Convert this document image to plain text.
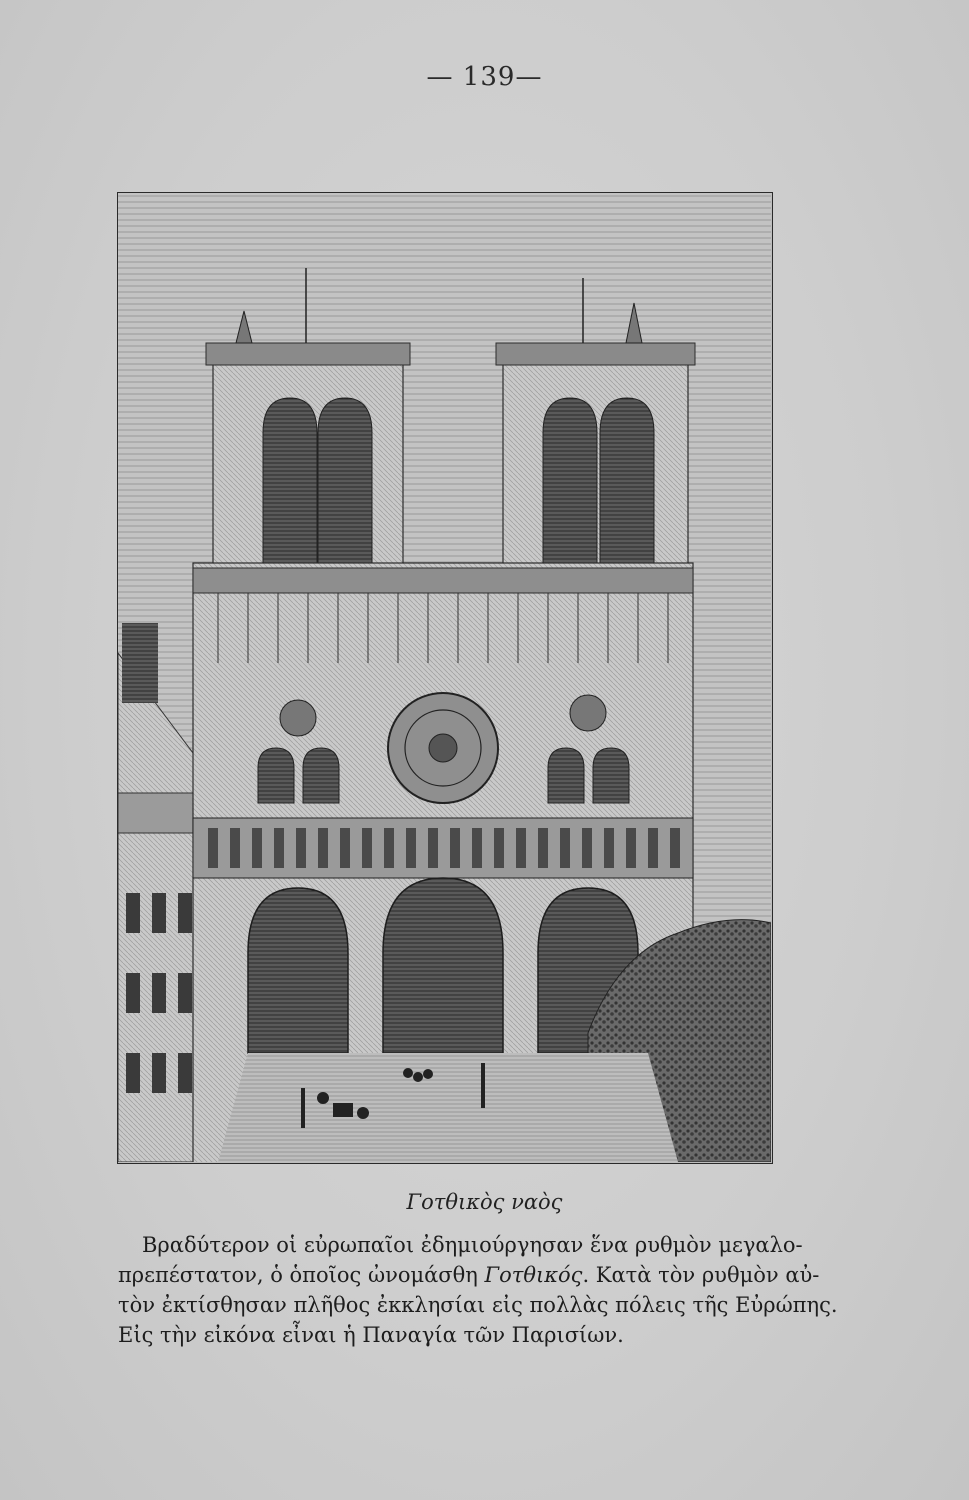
— 139—
Γοτθικὸς ναὸς
Βραδύτερον οἱ εὐρωπαῖοι ἐδημιούργησαν ἕνα ρυθμὸν μεγαλο-
πρεπέστατον, ὁ ὁποῖος ὠνομάσθη Γοτθικός. Κατὰ τὸν ρυθμὸν αὐ-
τὸν ἐκτίσθησαν πλῆθος ἐκκλησίαι εἰς πολλὰς πόλεις τῆς Εὐρώπης.
Εἰς τὴν εἰκόνα εἶναι ἡ Παναγία τῶν Παρισίων.
